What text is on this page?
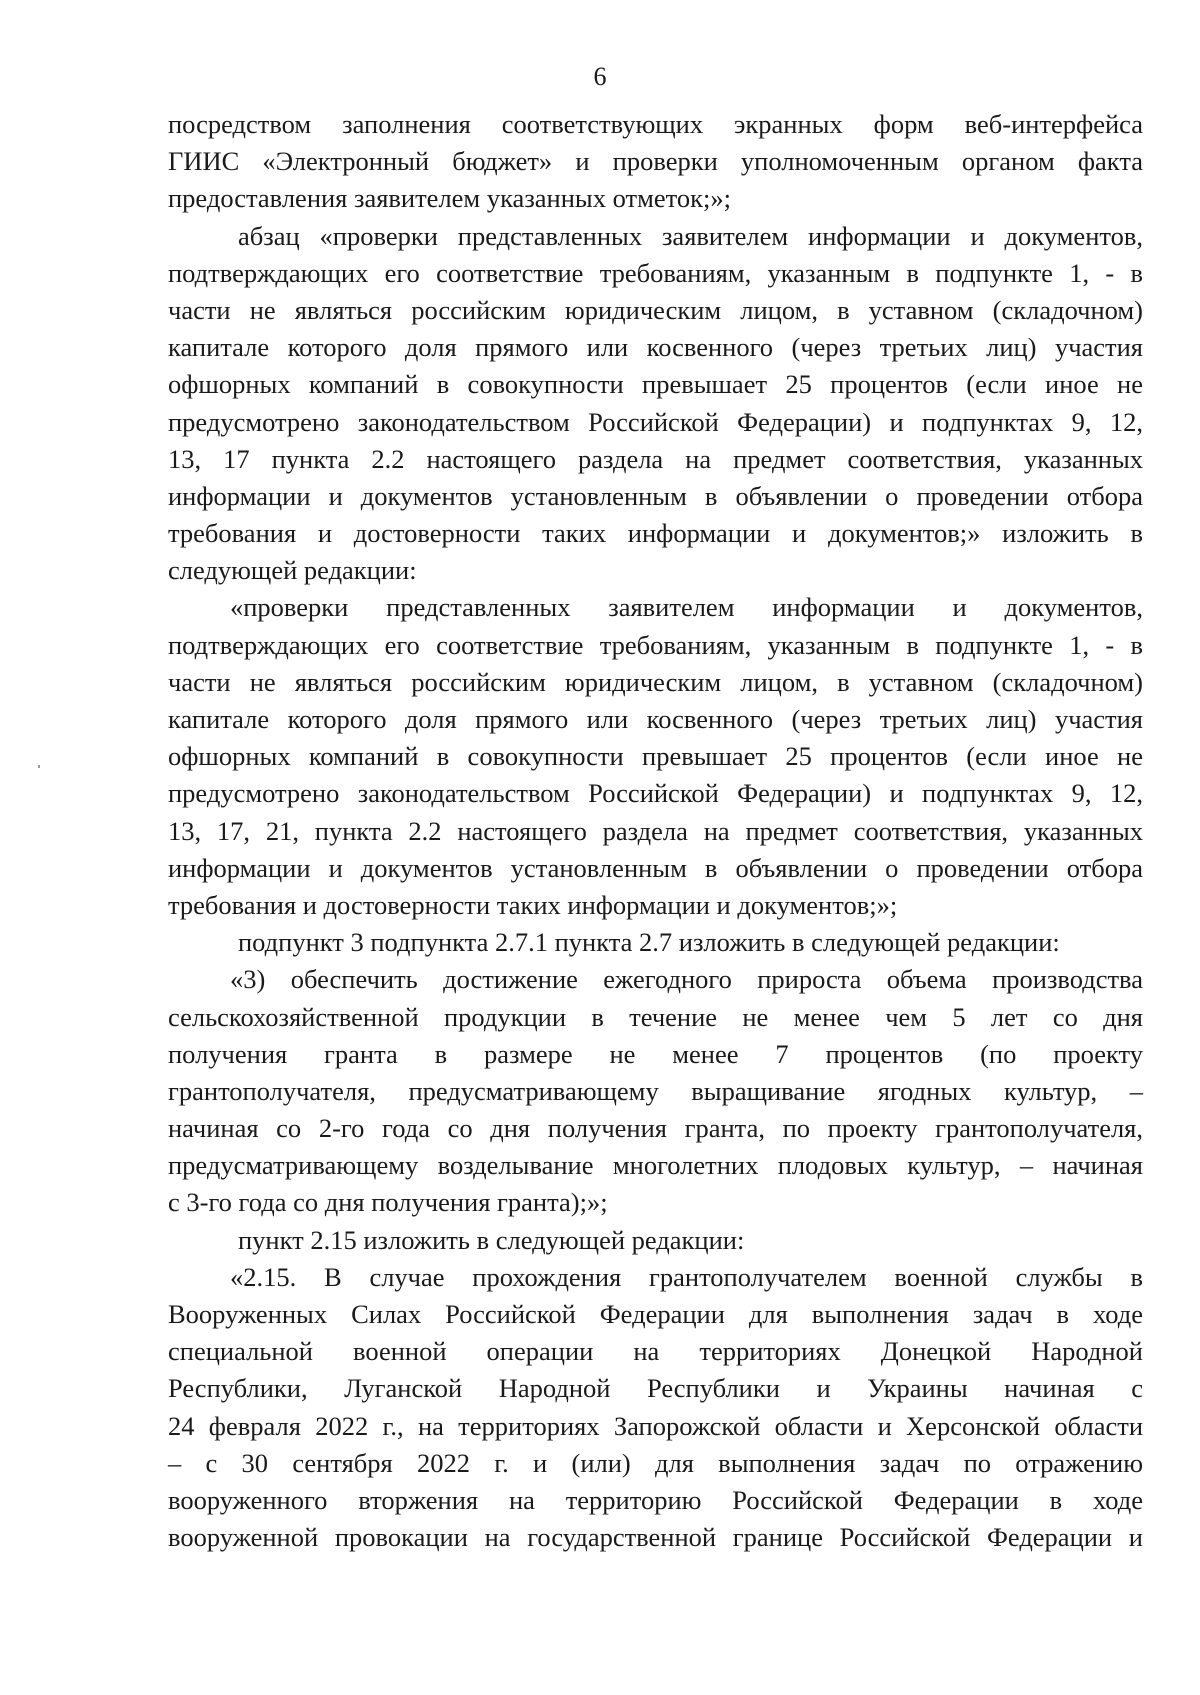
6
посредством заполнения соответствующих экранных форм веб-интерфейса
ГИИС «Электронный бюджет» и проверки уполномоченным органом факта
предоставления заявителем указанных отметок;»;
абзац «проверки представленных заявителем информации и документов,
подтверждающих его соответствие требованиям, указанным в подпункте 1, - в
части не являться российским юридическим лицом, в уставном (складочном)
капитале которого доля прямого или косвенного (через третьих лиц) участия
офшорных компаний в совокупности превышает 25 процентов (если иное не
предусмотрено законодательством Российской Федерации) и подпунктах 9, 12,
13, 17 пункта 2.2 настоящего раздела на предмет соответствия, указанных
информации и документов установленным в объявлении о проведении отбора
требования и достоверности таких информации и документов;» изложить в
следующей редакции:
«проверки представленных заявителем информации и документов,
подтверждающих его соответствие требованиям, указанным в подпункте 1, - в
части не являться российским юридическим лицом, в уставном (складочном)
капитале которого доля прямого или косвенного (через третьих лиц) участия
офшорных компаний в совокупности превышает 25 процентов (если иное не
предусмотрено законодательством Российской Федерации) и подпунктах 9, 12,
13, 17, 21, пункта 2.2 настоящего раздела на предмет соответствия, указанных
информации и документов установленным в объявлении о проведении отбора
требования и достоверности таких информации и документов;»;
подпункт 3 подпункта 2.7.1 пункта 2.7 изложить в следующей редакции:
«3) обеспечить достижение ежегодного прироста объема производства
сельскохозяйственной продукции в течение не менее чем 5 лет со дня
получения гранта в размере не менее 7 процентов (по проекту
грантополучателя, предусматривающему выращивание ягодных культур, –
начиная со 2-го года со дня получения гранта, по проекту грантополучателя,
предусматривающему возделывание многолетних плодовых культур, – начиная
с 3-го года со дня получения гранта);»;
пункт 2.15 изложить в следующей редакции:
«2.15. В случае прохождения грантополучателем военной службы в
Вооруженных Силах Российской Федерации для выполнения задач в ходе
специальной военной операции на территориях Донецкой Народной
Республики, Луганской Народной Республики и Украины начиная с
24 февраля 2022 г., на территориях Запорожской области и Херсонской области
– с 30 сентября 2022 г. и (или) для выполнения задач по отражению
вооруженного вторжения на территорию Российской Федерации в ходе
вооруженной провокации на государственной границе Российской Федерации и
